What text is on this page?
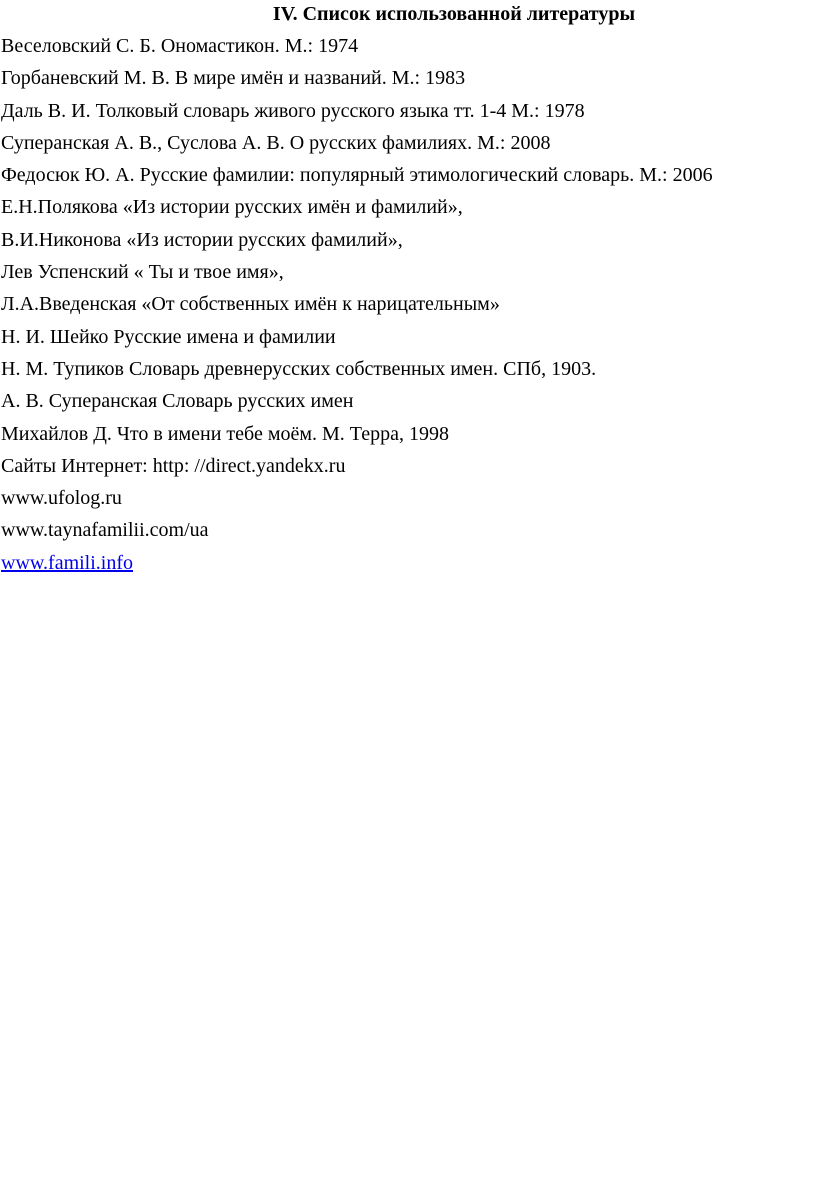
IV. Список использованной литературы
Веселовский С. Б. Ономастикон. М.: 1974
Горбаневский М. В. В мире имён и названий. М.: 1983
Даль В. И. Толковый словарь живого русского языка тт. 1-4 М.: 1978
Суперанская А. В., Суслова А. В. О русских фамилиях. М.: 2008
Федосюк Ю. А. Русские фамилии: популярный этимологический словарь. М.: 2006
Е.Н.Полякова «Из истории русских имён и фамилий»,
В.И.Никонова «Из истории русских фамилий»,
Лев Успенский « Ты и твое имя»,
Л.А.Введенская «От собственных имён к нарицательным»
Н. И. Шейко Русские имена и фамилии
Н. М. Тупиков Словарь древнерусских собственных имен. СПб, 1903.
А. В. Суперанская Словарь русских имен
Михайлов Д. Что в имени тебе моём. М. Терра, 1998
Сайты Интернет: http: //direct.yandekx.ru
www.ufolog.ru
www.taynafamilii.com/ua
www.famili.info
